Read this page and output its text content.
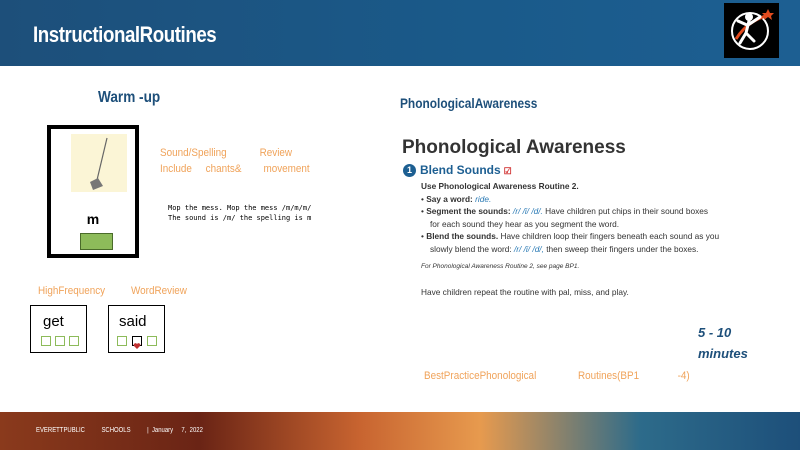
InstructionalRoutines
Warm -up
m
Sound/Spelling            Review
Include     chants&        movement
Mop the mess. Mop the mess /m/m/m/
The sound is /m/ the spelling is m
HighFrequency WordReview
get	said
PhonologicalAwareness
Phonological Awareness
1 Blend Sounds ☑
Use Phonological Awareness Routine 2.
• Say a word: ride.
• Segment the sounds: /r/ /ī/ /d/. Have children put chips in their sound boxes
for each sound they hear as you segment the word.
• Blend the sounds. Have children loop their fingers beneath each sound as you
slowly blend the word: /r/ /ī/ /d/, then sweep their fingers under the boxes.
For Phonological Awareness Routine 2, see page BP1.
Have children repeat the routine with pal, miss, and play.
5 - 10
minutes
BestPracticePhonological	Routines(BP1              -4)
EVERETTPUBLIC          SCHOOLS          |  January     7,  2022
